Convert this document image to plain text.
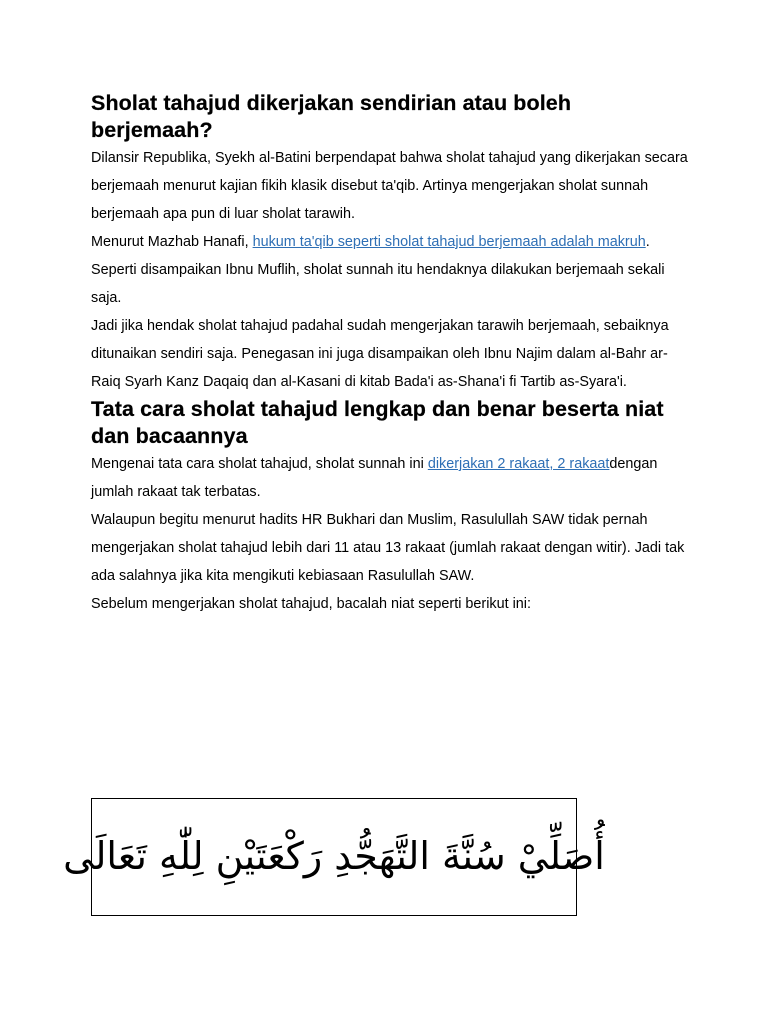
Sholat tahajud dikerjakan sendirian atau boleh berjemaah?

Dilansir Republika, Syekh al-Batini berpendapat bahwa sholat tahajud yang dikerjakan secara berjemaah menurut kajian fikih klasik disebut ta'qib. Artinya mengerjakan sholat sunnah berjemaah apa pun di luar sholat tarawih.

Menurut Mazhab Hanafi, hukum ta'qib seperti sholat tahajud berjemaah adalah makruh. Seperti disampaikan Ibnu Muflih, sholat sunnah itu hendaknya dilakukan berjemaah sekali saja.

Jadi jika hendak sholat tahajud padahal sudah mengerjakan tarawih berjemaah, sebaiknya ditunaikan sendiri saja. Penegasan ini juga disampaikan oleh Ibnu Najim dalam al-Bahr ar-Raiq Syarh Kanz Daqaiq dan al-Kasani di kitab Bada'i as-Shana'i fi Tartib as-Syara'i.

Tata cara sholat tahajud lengkap dan benar beserta niat dan bacaannya

Mengenai tata cara sholat tahajud, sholat sunnah ini dikerjakan 2 rakaat, 2 rakaatdengan jumlah rakaat tak terbatas.

Walaupun begitu menurut hadits HR Bukhari dan Muslim, Rasulullah SAW tidak pernah mengerjakan sholat tahajud lebih dari 11 atau 13 rakaat (jumlah rakaat dengan witir). Jadi tak ada salahnya jika kita mengikuti kebiasaan Rasulullah SAW.

Sebelum mengerjakan sholat tahajud, bacalah niat seperti berikut ini:

أُصَلِّيْ سُنَّةَ التَّهَجُّدِ رَكْعَتَيْنِ لِلّٰهِ تَعَالَى
